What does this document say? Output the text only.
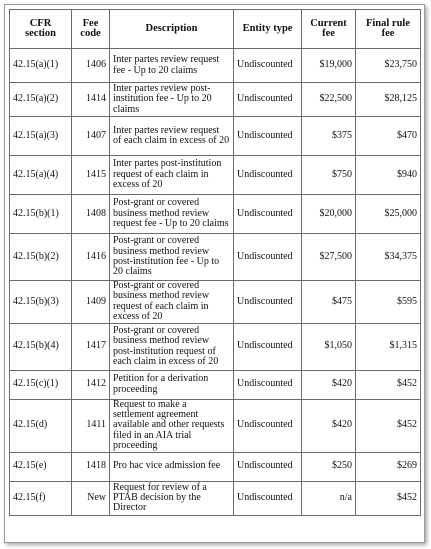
CFR section	Fee code	Description	Entity type	Current fee	Final rule fee
42.15(a)(1)	1406	Inter partes review request fee - Up to 20 claims	Undiscounted	$19,000	$23,750
42.15(a)(2)	1414	Inter partes review post-institution fee - Up to 20 claims	Undiscounted	$22,500	$28,125
42.15(a)(3)	1407	Inter partes review request of each claim in excess of 20	Undiscounted	$375	$470
42.15(a)(4)	1415	Inter partes post-institution request of each claim in excess of 20	Undiscounted	$750	$940
42.15(b)(1)	1408	Post-grant or covered business method review request fee - Up to 20 claims	Undiscounted	$20,000	$25,000
42.15(b)(2)	1416	Post-grant or covered business method review post-institution fee - Up to 20 claims	Undiscounted	$27,500	$34,375
42.15(b)(3)	1409	Post-grant or covered business method review request of each claim in excess of 20	Undiscounted	$475	$595
42.15(b)(4)	1417	Post-grant or covered business method review post-institution request of each claim in excess of 20	Undiscounted	$1,050	$1,315
42.15(c)(1)	1412	Petition for a derivation proceeding	Undiscounted	$420	$452
42.15(d)	1411	Request to make a settlement agreement available and other requests filed in an AIA trial proceeding	Undiscounted	$420	$452
42.15(e)	1418	Pro hac vice admission fee	Undiscounted	$250	$269
42.15(f)	New	Request for review of a PTAB decision by the Director	Undiscounted	n/a	$452
